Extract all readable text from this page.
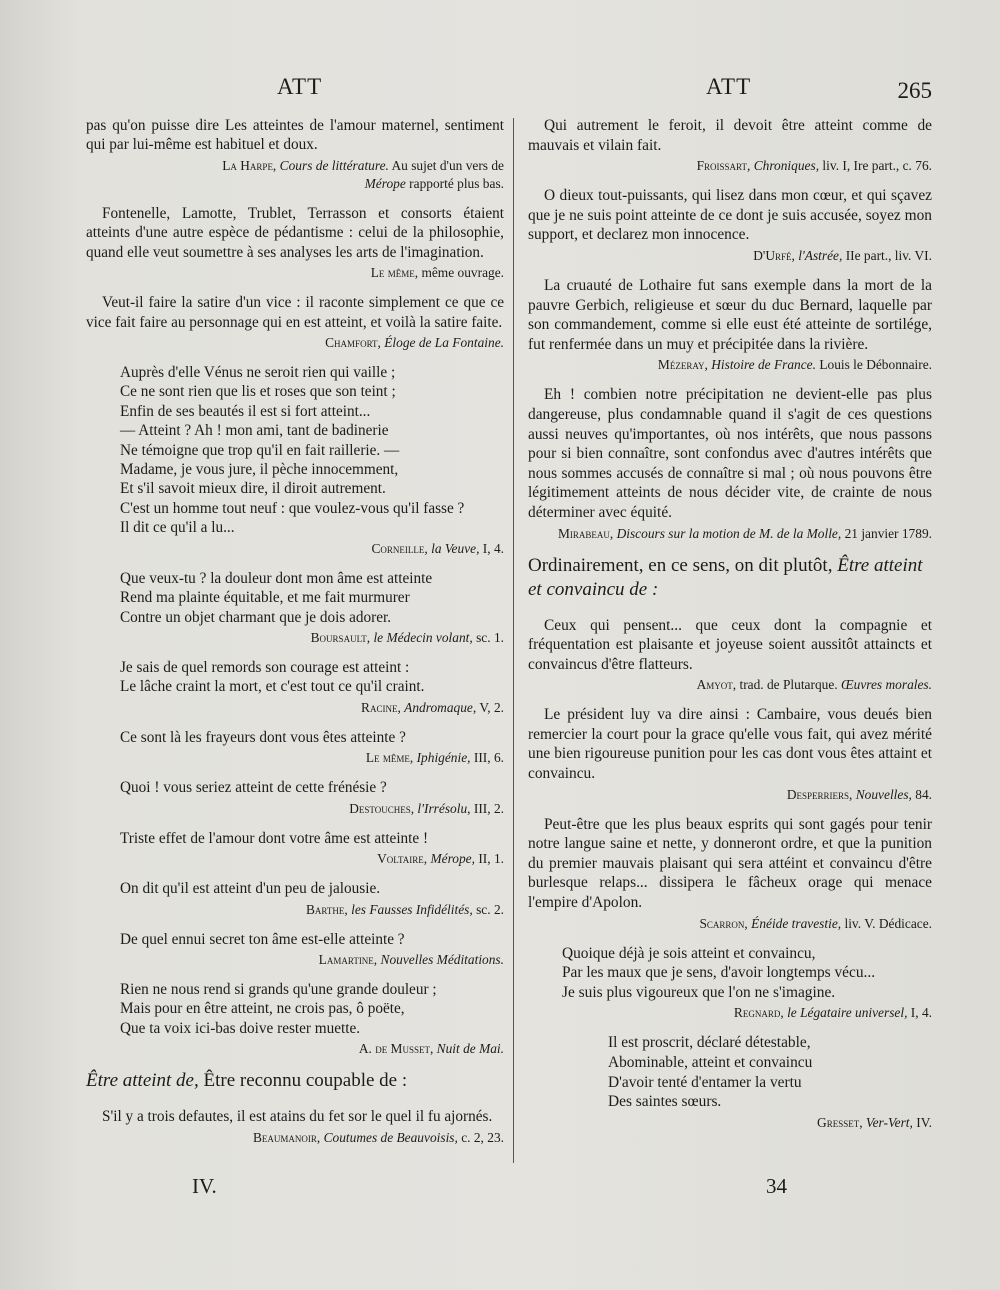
ATT	ATT	265

pas qu'on puisse dire Les atteintes de l'amour maternel, sentiment qui par lui-même est habituel et doux.

La Harpe, Cours de littérature. Au sujet d'un vers de
Mérope rapporté plus bas.

Fontenelle, Lamotte, Trublet, Terrasson et consorts étaient atteints d'une autre espèce de pédantisme : celui de la philosophie, quand elle veut soumettre à ses analyses les arts de l'imagination.

Le même, même ouvrage.

Veut-il faire la satire d'un vice : il raconte simplement ce que ce vice fait faire au personnage qui en est atteint, et voilà la satire faite.

Chamfort, Éloge de La Fontaine.
Auprès d'elle Vénus ne seroit rien qui vaille ;
Ce ne sont rien que lis et roses que son teint ;
Enfin de ses beautés il est si fort atteint...
— Atteint ? Ah ! mon ami, tant de badinerie
Ne témoigne que trop qu'il en fait raillerie. —
Madame, je vous jure, il pèche innocemment,
Et s'il savoit mieux dire, il diroit autrement.
C'est un homme tout neuf : que voulez-vous qu'il fasse ?
Il dit ce qu'il a lu...
Corneille, la Veuve, I, 4.
Que veux-tu ? la douleur dont mon âme est atteinte
Rend ma plainte équitable, et me fait murmurer
Contre un objet charmant que je dois adorer.
Boursault, le Médecin volant, sc. 1.
Je sais de quel remords son courage est atteint :
Le lâche craint la mort, et c'est tout ce qu'il craint.
Racine, Andromaque, V, 2.
Ce sont là les frayeurs dont vous êtes atteinte ?
Le même, Iphigénie, III, 6.
Quoi ! vous seriez atteint de cette frénésie ?
Destouches, l'Irrésolu, III, 2.
Triste effet de l'amour dont votre âme est atteinte !
Voltaire, Mérope, II, 1.
On dit qu'il est atteint d'un peu de jalousie.
Barthe, les Fausses Infidélités, sc. 2.
De quel ennui secret ton âme est-elle atteinte ?
Lamartine, Nouvelles Méditations.
Rien ne nous rend si grands qu'une grande douleur ;
Mais pour en être atteint, ne crois pas, ô poëte,
Que ta voix ici-bas doive rester muette.
A. de Musset, Nuit de Mai.
Être atteint de, Être reconnu coupable de :

S'il y a trois defautes, il est atains du fet sor le quel il fu ajornés.

Beaumanoir, Coutumes de Beauvoisis, c. 2, 23.

Qui autrement le feroit, il devoit être atteint comme de mauvais et vilain fait.

Froissart, Chroniques, liv. I, Ire part., c. 76.

O dieux tout-puissants, qui lisez dans mon cœur, et qui sçavez que je ne suis point atteinte de ce dont je suis accusée, soyez mon support, et declarez mon innocence.

D'Urfé, l'Astrée, IIe part., liv. VI.

La cruauté de Lothaire fut sans exemple dans la mort de la pauvre Gerbich, religieuse et sœur du duc Bernard, laquelle par son commandement, comme si elle eust été atteinte de sortilége, fut renfermée dans un muy et précipitée dans la rivière.

Mézeray, Histoire de France. Louis le Débonnaire.

Eh ! combien notre précipitation ne devient-elle pas plus dangereuse, plus condamnable quand il s'agit de ces questions aussi neuves qu'importantes, où nos intérêts, que nous passons pour si bien connaître, sont confondus avec d'autres intérêts que nous sommes accusés de connaître si mal ; où nous pouvons être légitimement atteints de nous décider vite, de crainte de nous déterminer avec équité.

Mirabeau, Discours sur la motion de M. de la Molle, 21 janvier 1789.
Ordinairement, en ce sens, on dit plutôt, Être atteint et convaincu de :

Ceux qui pensent... que ceux dont la compagnie et fréquentation est plaisante et joyeuse soient aussitôt attaincts et convaincus d'être flatteurs.

Amyot, trad. de Plutarque. Œuvres morales.

Le président luy va dire ainsi : Cambaire, vous deués bien remercier la court pour la grace qu'elle vous fait, qui avez mérité une bien rigoureuse punition pour les cas dont vous êtes attaint et convaincu.

Desperriers, Nouvelles, 84.

Peut-être que les plus beaux esprits qui sont gagés pour tenir notre langue saine et nette, y donneront ordre, et que la punition du premier mauvais plaisant qui sera attéint et convaincu d'être burlesque relaps... dissipera le fâcheux orage qui menace l'empire d'Apolon.

Scarron, Énéide travestie, liv. V. Dédicace.
Quoique déjà je sois atteint et convaincu,
Par les maux que je sens, d'avoir longtemps vécu...
Je suis plus vigoureux que l'on ne s'imagine.
Regnard, le Légataire universel, I, 4.
Il est proscrit, déclaré détestable,
Abominable, atteint et convaincu
D'avoir tenté d'entamer la vertu
Des saintes sœurs.
Gresset, Ver-Vert, IV.
IV.	34
